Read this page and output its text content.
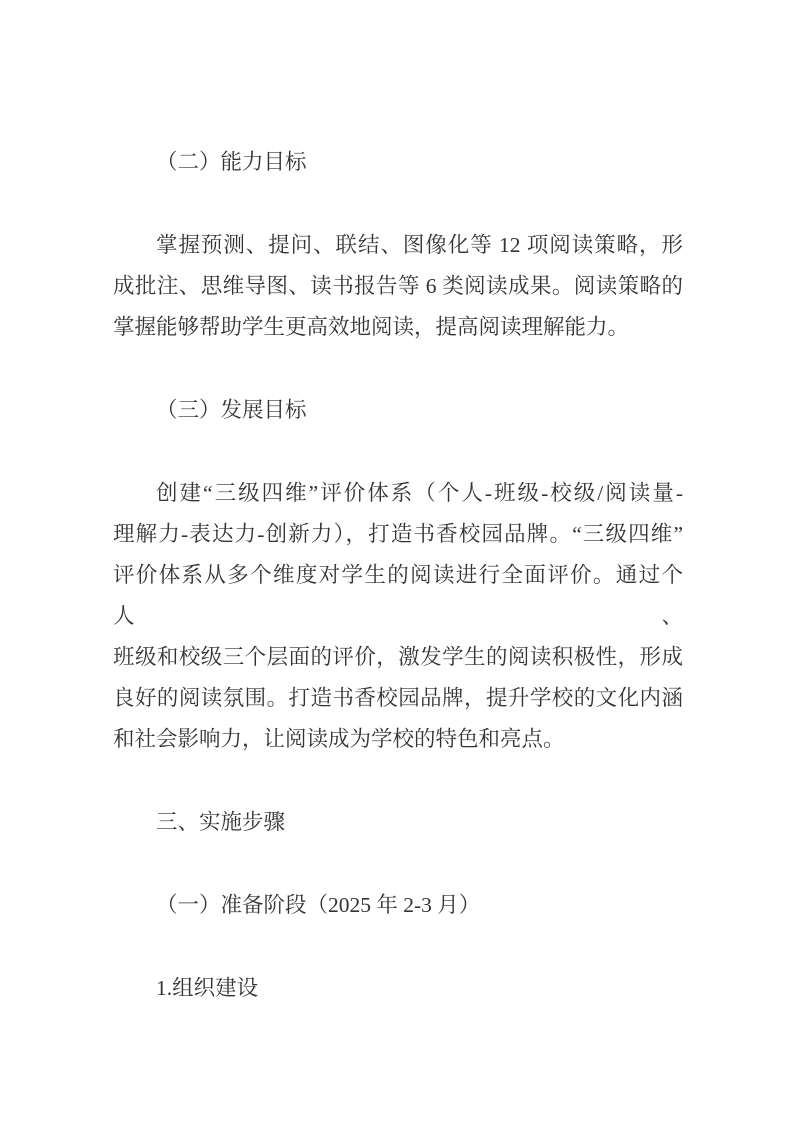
（二）能力目标
掌握预测、提问、联结、图像化等 12 项阅读策略，形
成批注、思维导图、读书报告等 6 类阅读成果。阅读策略的
掌握能够帮助学生更高效地阅读，提高阅读理解能力。
（三）发展目标
创建“三级四维”评价体系（个人-班级-校级/阅读量-
理解力-表达力-创新力），打造书香校园品牌。“三级四维”
评价体系从多个维度对学生的阅读进行全面评价。通过个人、
班级和校级三个层面的评价，激发学生的阅读积极性，形成
良好的阅读氛围。打造书香校园品牌，提升学校的文化内涵
和社会影响力，让阅读成为学校的特色和亮点。
三、实施步骤
（一）准备阶段（2025 年 2-3 月）
1.组织建设
